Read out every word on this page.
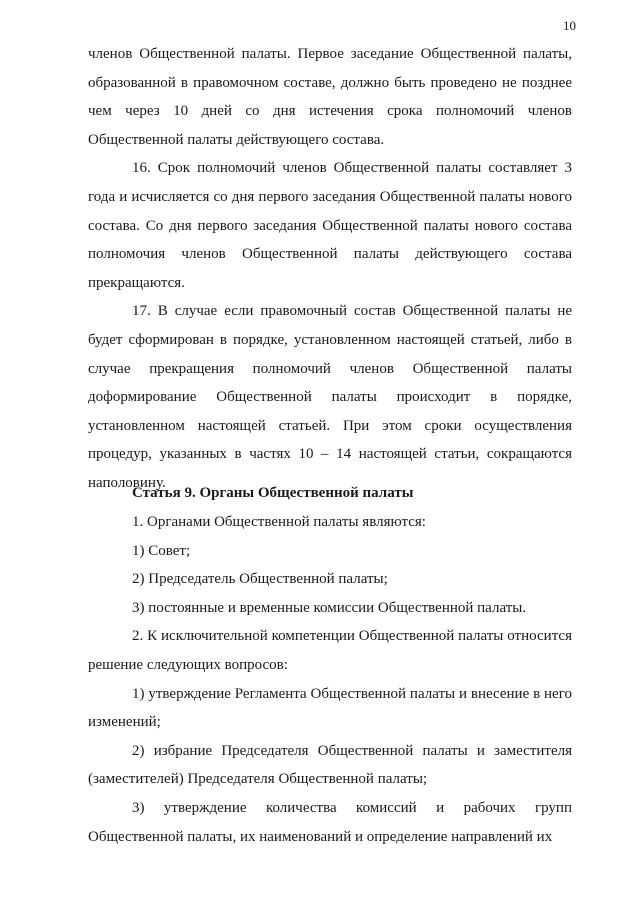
10

членов Общественной палаты. Первое заседание Общественной палаты, образованной в правомочном составе, должно быть проведено не позднее чем через 10 дней со дня истечения срока полномочий членов Общественной палаты действующего состава.

16. Срок полномочий членов Общественной палаты составляет 3 года и исчисляется со дня первого заседания Общественной палаты нового состава. Со дня первого заседания Общественной палаты нового состава полномочия членов Общественной палаты действующего состава прекращаются.

17. В случае если правомочный состав Общественной палаты не будет сформирован в порядке, установленном настоящей статьей, либо в случае прекращения полномочий членов Общественной палаты доформирование Общественной палаты происходит в порядке, установленном настоящей статьей. При этом сроки осуществления процедур, указанных в частях 10 – 14 настоящей статьи, сокращаются наполовину.

Статья 9. Органы Общественной палаты

1. Органами Общественной палаты являются:

1) Совет;

2) Председатель Общественной палаты;

3) постоянные и временные комиссии Общественной палаты.

2. К исключительной компетенции Общественной палаты относится решение следующих вопросов:

1) утверждение Регламента Общественной палаты и внесение в него изменений;

2) избрание Председателя Общественной палаты и заместителя (заместителей) Председателя Общественной палаты;

3) утверждение количества комиссий и рабочих групп Общественной палаты, их наименований и определение направлений их
